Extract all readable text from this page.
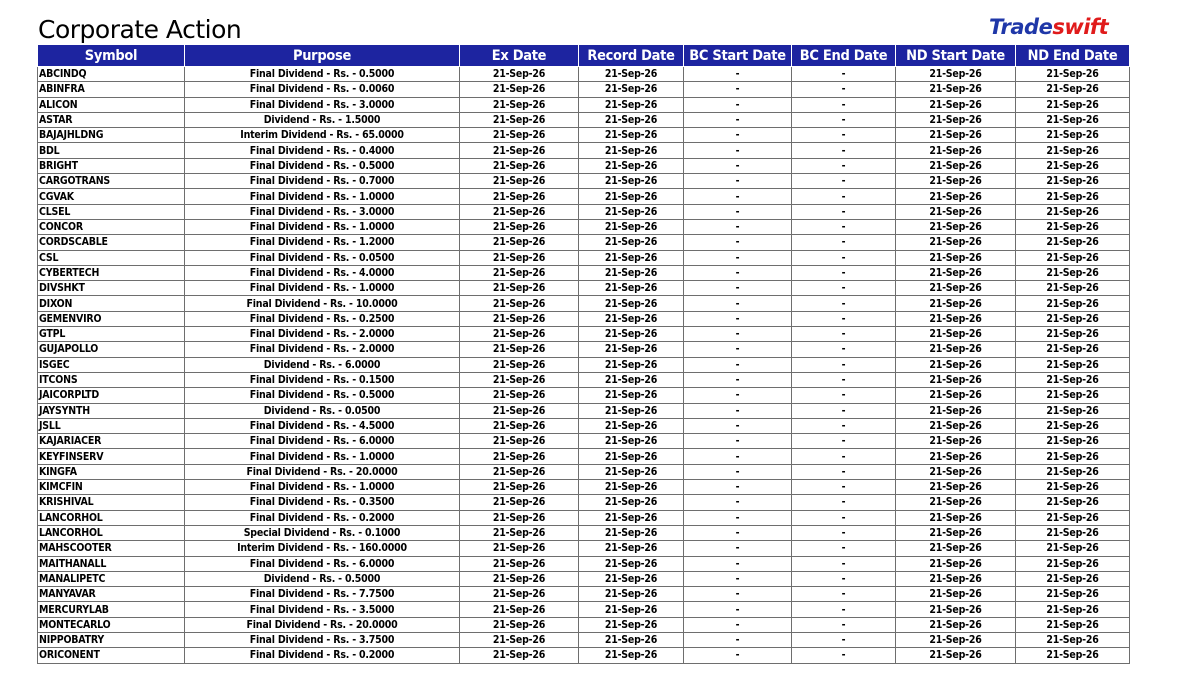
Corporate Action	Tradeswift
Symbol	Purpose	Ex Date	Record Date	BC Start Date	BC End Date	ND Start Date	ND End Date
ABCINDQ	Final Dividend - Rs. - 0.5000	21-Sep-26	21-Sep-26	-	-	21-Sep-26	21-Sep-26
ABINFRA	Final Dividend - Rs. - 0.0060	21-Sep-26	21-Sep-26	-	-	21-Sep-26	21-Sep-26
ALICON	Final Dividend - Rs. - 3.0000	21-Sep-26	21-Sep-26	-	-	21-Sep-26	21-Sep-26
ASTAR	Dividend - Rs. - 1.5000	21-Sep-26	21-Sep-26	-	-	21-Sep-26	21-Sep-26
BAJAJHLDNG	Interim Dividend - Rs. - 65.0000	21-Sep-26	21-Sep-26	-	-	21-Sep-26	21-Sep-26
BDL	Final Dividend - Rs. - 0.4000	21-Sep-26	21-Sep-26	-	-	21-Sep-26	21-Sep-26
BRIGHT	Final Dividend - Rs. - 0.5000	21-Sep-26	21-Sep-26	-	-	21-Sep-26	21-Sep-26
CARGOTRANS	Final Dividend - Rs. - 0.7000	21-Sep-26	21-Sep-26	-	-	21-Sep-26	21-Sep-26
CGVAK	Final Dividend - Rs. - 1.0000	21-Sep-26	21-Sep-26	-	-	21-Sep-26	21-Sep-26
CLSEL	Final Dividend - Rs. - 3.0000	21-Sep-26	21-Sep-26	-	-	21-Sep-26	21-Sep-26
CONCOR	Final Dividend - Rs. - 1.0000	21-Sep-26	21-Sep-26	-	-	21-Sep-26	21-Sep-26
CORDSCABLE	Final Dividend - Rs. - 1.2000	21-Sep-26	21-Sep-26	-	-	21-Sep-26	21-Sep-26
CSL	Final Dividend - Rs. - 0.0500	21-Sep-26	21-Sep-26	-	-	21-Sep-26	21-Sep-26
CYBERTECH	Final Dividend - Rs. - 4.0000	21-Sep-26	21-Sep-26	-	-	21-Sep-26	21-Sep-26
DIVSHKT	Final Dividend - Rs. - 1.0000	21-Sep-26	21-Sep-26	-	-	21-Sep-26	21-Sep-26
DIXON	Final Dividend - Rs. - 10.0000	21-Sep-26	21-Sep-26	-	-	21-Sep-26	21-Sep-26
GEMENVIRO	Final Dividend - Rs. - 0.2500	21-Sep-26	21-Sep-26	-	-	21-Sep-26	21-Sep-26
GTPL	Final Dividend - Rs. - 2.0000	21-Sep-26	21-Sep-26	-	-	21-Sep-26	21-Sep-26
GUJAPOLLO	Final Dividend - Rs. - 2.0000	21-Sep-26	21-Sep-26	-	-	21-Sep-26	21-Sep-26
ISGEC	Dividend - Rs. - 6.0000	21-Sep-26	21-Sep-26	-	-	21-Sep-26	21-Sep-26
ITCONS	Final Dividend - Rs. - 0.1500	21-Sep-26	21-Sep-26	-	-	21-Sep-26	21-Sep-26
JAICORPLTD	Final Dividend - Rs. - 0.5000	21-Sep-26	21-Sep-26	-	-	21-Sep-26	21-Sep-26
JAYSYNTH	Dividend - Rs. - 0.0500	21-Sep-26	21-Sep-26	-	-	21-Sep-26	21-Sep-26
JSLL	Final Dividend - Rs. - 4.5000	21-Sep-26	21-Sep-26	-	-	21-Sep-26	21-Sep-26
KAJARIACER	Final Dividend - Rs. - 6.0000	21-Sep-26	21-Sep-26	-	-	21-Sep-26	21-Sep-26
KEYFINSERV	Final Dividend - Rs. - 1.0000	21-Sep-26	21-Sep-26	-	-	21-Sep-26	21-Sep-26
KINGFA	Final Dividend - Rs. - 20.0000	21-Sep-26	21-Sep-26	-	-	21-Sep-26	21-Sep-26
KIMCFIN	Final Dividend - Rs. - 1.0000	21-Sep-26	21-Sep-26	-	-	21-Sep-26	21-Sep-26
KRISHIVAL	Final Dividend - Rs. - 0.3500	21-Sep-26	21-Sep-26	-	-	21-Sep-26	21-Sep-26
LANCORHOL	Final Dividend - Rs. - 0.2000	21-Sep-26	21-Sep-26	-	-	21-Sep-26	21-Sep-26
LANCORHOL	Special Dividend - Rs. - 0.1000	21-Sep-26	21-Sep-26	-	-	21-Sep-26	21-Sep-26
MAHSCOOTER	Interim Dividend - Rs. - 160.0000	21-Sep-26	21-Sep-26	-	-	21-Sep-26	21-Sep-26
MAITHANALL	Final Dividend - Rs. - 6.0000	21-Sep-26	21-Sep-26	-	-	21-Sep-26	21-Sep-26
MANALIPETC	Dividend - Rs. - 0.5000	21-Sep-26	21-Sep-26	-	-	21-Sep-26	21-Sep-26
MANYAVAR	Final Dividend - Rs. - 7.7500	21-Sep-26	21-Sep-26	-	-	21-Sep-26	21-Sep-26
MERCURYLAB	Final Dividend - Rs. - 3.5000	21-Sep-26	21-Sep-26	-	-	21-Sep-26	21-Sep-26
MONTECARLO	Final Dividend - Rs. - 20.0000	21-Sep-26	21-Sep-26	-	-	21-Sep-26	21-Sep-26
NIPPOBATRY	Final Dividend - Rs. - 3.7500	21-Sep-26	21-Sep-26	-	-	21-Sep-26	21-Sep-26
ORICONENT	Final Dividend - Rs. - 0.2000	21-Sep-26	21-Sep-26	-	-	21-Sep-26	21-Sep-26
